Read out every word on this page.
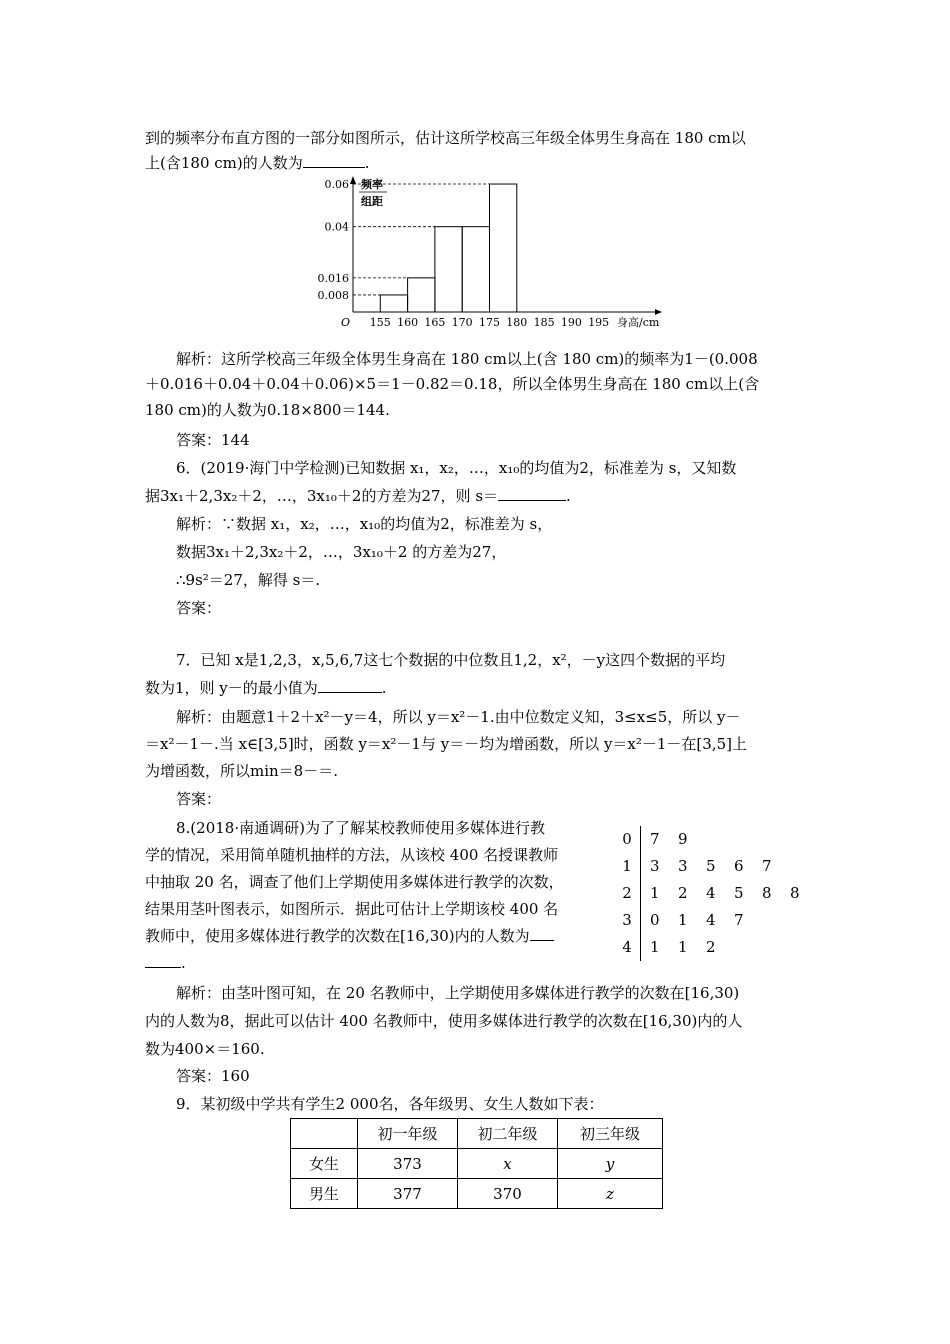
到的频率分布直方图的一部分如图所示，估计这所学校高三年级全体男生身高在 180 cm以
上(含180 cm)的人数为	.
频率
组距
O
0.06
0.04
0.016
0.008
155 160 165 170 175 180 185 190 195 身高/cm
解析：这所学校高三年级全体男生身高在 180 cm以上(含 180 cm)的频率为1－(0.008
＋0.016＋0.04＋0.04＋0.06)×5＝1－0.82＝0.18，所以全体男生身高在 180 cm以上(含
180 cm)的人数为0.18×800＝144.
答案：144
6．(2019·海门中学检测)已知数据 x₁，x₂，…，x₁₀的均值为2，标准差为 s，又知数
据3x₁＋2,3x₂＋2，…，3x₁₀＋2的方差为27，则 s＝	.
解析：∵数据 x₁，x₂，…，x₁₀的均值为2，标准差为 s，
数据3x₁＋2,3x₂＋2，…，3x₁₀＋2 的方差为27，
∴9s²＝27，解得 s＝.
答案：
7．已知 x是1,2,3，x,5,6,7这七个数据的中位数且1,2，x²，－y这四个数据的平均
数为1，则 y－的最小值为	.
解析：由题意1＋2＋x²－y＝4，所以 y＝x²－1.由中位数定义知，3≤x≤5，所以 y－
＝x²－1－.当 x∈[3,5]时，函数 y＝x²－1与 y＝－均为增函数，所以 y＝x²－1－在[3,5]上
为增函数，所以min＝8－＝.
答案：
8.(2018·南通调研)为了了解某校教师使用多媒体进行教
学的情况，采用简单随机抽样的方法，从该校 400 名授课教师
中抽取 20 名，调查了他们上学期使用多媒体进行教学的次数，
结果用茎叶图表示，如图所示．据此可估计上学期该校 400 名
教师中，使用多媒体进行教学的次数在[16,30)内的人数为
.
0 7 9
1 3 3 5 6 7
2 1 2 4 5 8 8
3 0 1 4 7
4 1 1 2
解析：由茎叶图可知，在 20 名教师中，上学期使用多媒体进行教学的次数在[16,30)
内的人数为8，据此可以估计 400 名教师中，使用多媒体进行教学的次数在[16,30)内的人
数为400×＝160.
答案：160
9．某初级中学共有学生2 000名，各年级男、女生人数如下表：
	初一年级	初二年级	初三年级
女生	373	x	y
男生	377	370	z
